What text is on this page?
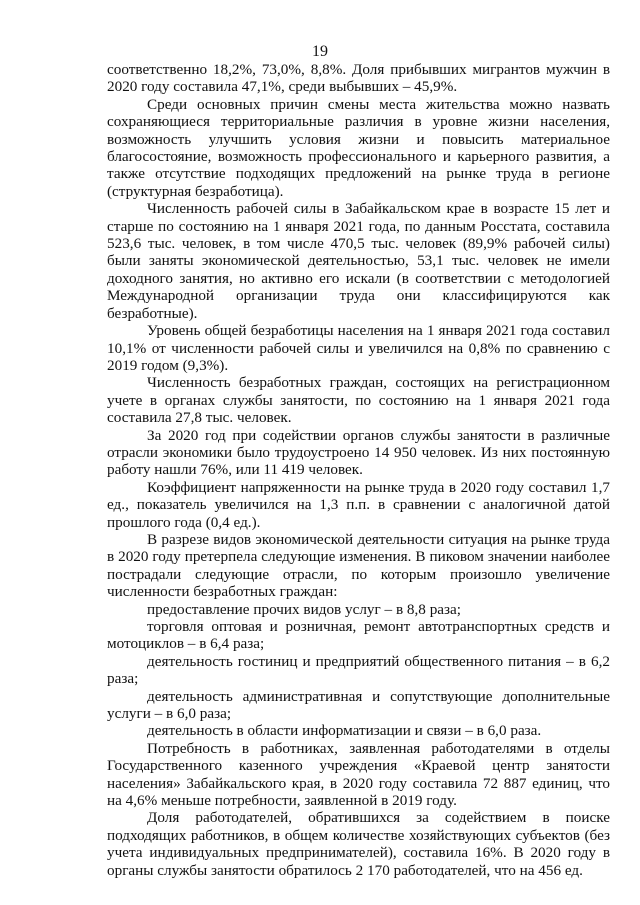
19

соответственно 18,2%, 73,0%, 8,8%. Доля прибывших мигрантов мужчин в 2020 году составила 47,1%, среди выбывших – 45,9%.

Среди основных причин смены места жительства можно назвать сохраняющиеся территориальные различия в уровне жизни населения, возможность улучшить условия жизни и повысить материальное благосостояние, возможность профессионального и карьерного развития, а также отсутствие подходящих предложений на рынке труда в регионе (структурная безработица).

Численность рабочей силы в Забайкальском крае в возрасте 15 лет и старше по состоянию на 1 января 2021 года, по данным Росстата, составила 523,6 тыс. человек, в том числе 470,5 тыс. человек (89,9% рабочей силы) были заняты экономической деятельностью, 53,1 тыс. человек не имели доходного занятия, но активно его искали (в соответствии с методологией Международной организации труда они классифицируются как безработные).

Уровень общей безработицы населения на 1 января 2021 года составил 10,1% от численности рабочей силы и увеличился на 0,8% по сравнению с 2019 годом (9,3%).

Численность безработных граждан, состоящих на регистрационном учете в органах службы занятости, по состоянию на 1 января 2021 года составила 27,8 тыс. человек.

За 2020 год при содействии органов службы занятости в различные отрасли экономики было трудоустроено 14 950 человек. Из них постоянную работу нашли 76%, или 11 419 человек.

Коэффициент напряженности на рынке труда в 2020 году составил 1,7 ед., показатель увеличился на 1,3 п.п. в сравнении с аналогичной датой прошлого года (0,4 ед.).

В разрезе видов экономической деятельности ситуация на рынке труда в 2020 году претерпела следующие изменения. В пиковом значении наиболее пострадали следующие отрасли, по которым произошло увеличение численности безработных граждан:

предоставление прочих видов услуг – в 8,8 раза;

торговля оптовая и розничная, ремонт автотранспортных средств и мотоциклов – в 6,4 раза;

деятельность гостиниц и предприятий общественного питания – в 6,2 раза;

деятельность административная и сопутствующие дополнительные услуги – в 6,0 раза;

деятельность в области информатизации и связи – в 6,0 раза.

Потребность в работниках, заявленная работодателями в отделы Государственного казенного учреждения «Краевой центр занятости населения» Забайкальского края, в 2020 году составила 72 887 единиц, что на 4,6% меньше потребности, заявленной в 2019 году.

Доля работодателей, обратившихся за содействием в поиске подходящих работников, в общем количестве хозяйствующих субъектов (без учета индивидуальных предпринимателей), составила 16%. В 2020 году в органы службы занятости обратилось 2 170 работодателей, что на 456 ед.
